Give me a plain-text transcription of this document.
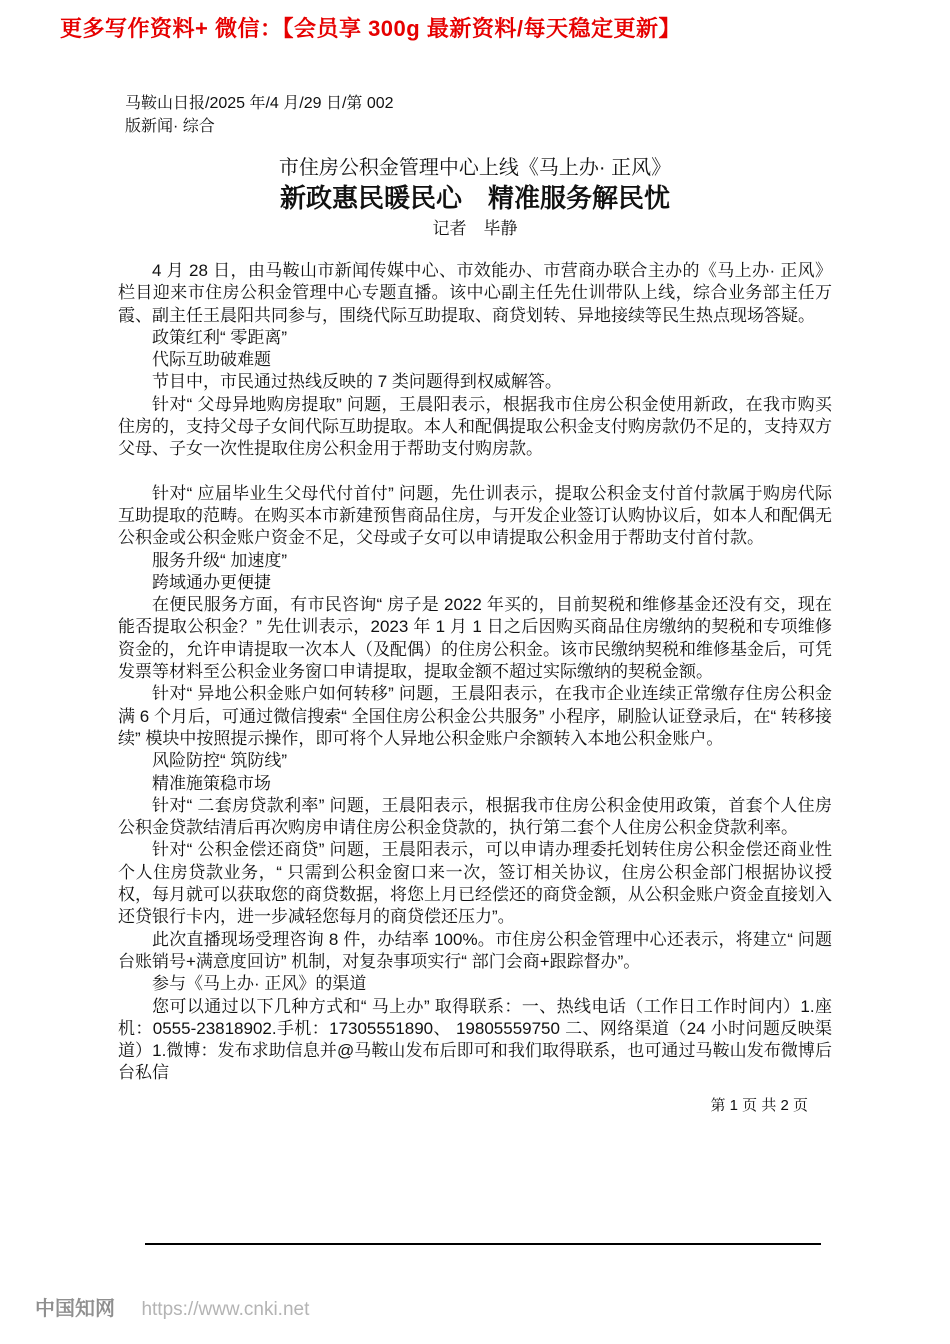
更多写作资料+ 微信：【会员享 300g 最新资料/每天稳定更新】
马鞍山日报/2025 年/4 月/29 日/第 002
版新闻· 综合
市住房公积金管理中心上线《马上办· 正风》
新政惠民暖民心　精准服务解民忧
记者　毕静
4 月 28 日，由马鞍山市新闻传媒中心、市效能办、市营商办联合主办的《马上办· 正风》栏目迎来市住房公积金管理中心专题直播。该中心副主任先仕训带队上线，综合业务部主任万霞、副主任王晨阳共同参与，围绕代际互助提取、商贷划转、异地接续等民生热点现场答疑。
政策红利“ 零距离”
代际互助破难题
节目中，市民通过热线反映的 7 类问题得到权威解答。
针对“ 父母异地购房提取” 问题，王晨阳表示，根据我市住房公积金使用新政，在我市购买住房的，支持父母子女间代际互助提取。本人和配偶提取公积金支付购房款仍不足的，支持双方父母、子女一次性提取住房公积金用于帮助支付购房款。
针对“ 应届毕业生父母代付首付” 问题，先仕训表示，提取公积金支付首付款属于购房代际互助提取的范畴。在购买本市新建预售商品住房，与开发企业签订认购协议后，如本人和配偶无公积金或公积金账户资金不足，父母或子女可以申请提取公积金用于帮助支付首付款。
服务升级“ 加速度”
跨域通办更便捷
在便民服务方面，有市民咨询“ 房子是 2022 年买的，目前契税和维修基金还没有交，现在能否提取公积金？” 先仕训表示，2023 年 1 月 1 日之后因购买商品住房缴纳的契税和专项维修资金的，允许申请提取一次本人（及配偶）的住房公积金。该市民缴纳契税和维修基金后，可凭发票等材料至公积金业务窗口申请提取，提取金额不超过实际缴纳的契税金额。
针对“ 异地公积金账户如何转移” 问题，王晨阳表示，在我市企业连续正常缴存住房公积金满 6 个月后，可通过微信搜索“ 全国住房公积金公共服务” 小程序，刷脸认证登录后，在“ 转移接续” 模块中按照提示操作，即可将个人异地公积金账户余额转入本地公积金账户。
风险防控“ 筑防线”
精准施策稳市场
针对“ 二套房贷款利率” 问题，王晨阳表示，根据我市住房公积金使用政策，首套个人住房公积金贷款结清后再次购房申请住房公积金贷款的，执行第二套个人住房公积金贷款利率。
针对“ 公积金偿还商贷” 问题，王晨阳表示，可以申请办理委托划转住房公积金偿还商业性个人住房贷款业务，“ 只需到公积金窗口来一次，签订相关协议，住房公积金部门根据协议授权，每月就可以获取您的商贷数据，将您上月已经偿还的商贷金额，从公积金账户资金直接划入还贷银行卡内，进一步减轻您每月的商贷偿还压力”。
此次直播现场受理咨询 8 件，办结率 100%。市住房公积金管理中心还表示，将建立“ 问题台账销号+满意度回访” 机制，对复杂事项实行“ 部门会商+跟踪督办”。
参与《马上办· 正风》的渠道
您可以通过以下几种方式和“ 马上办” 取得联系：一、热线电话（工作日工作时间内）1.座机：0555-23818902.手机：17305551890、 19805559750 二、网络渠道（24 小时问题反映渠道）1.微博：发布求助信息并@马鞍山发布后即可和我们取得联系，也可通过马鞍山发布微博后台私信
第 1 页 共 2 页
中国知网 https://www.cnki.net
